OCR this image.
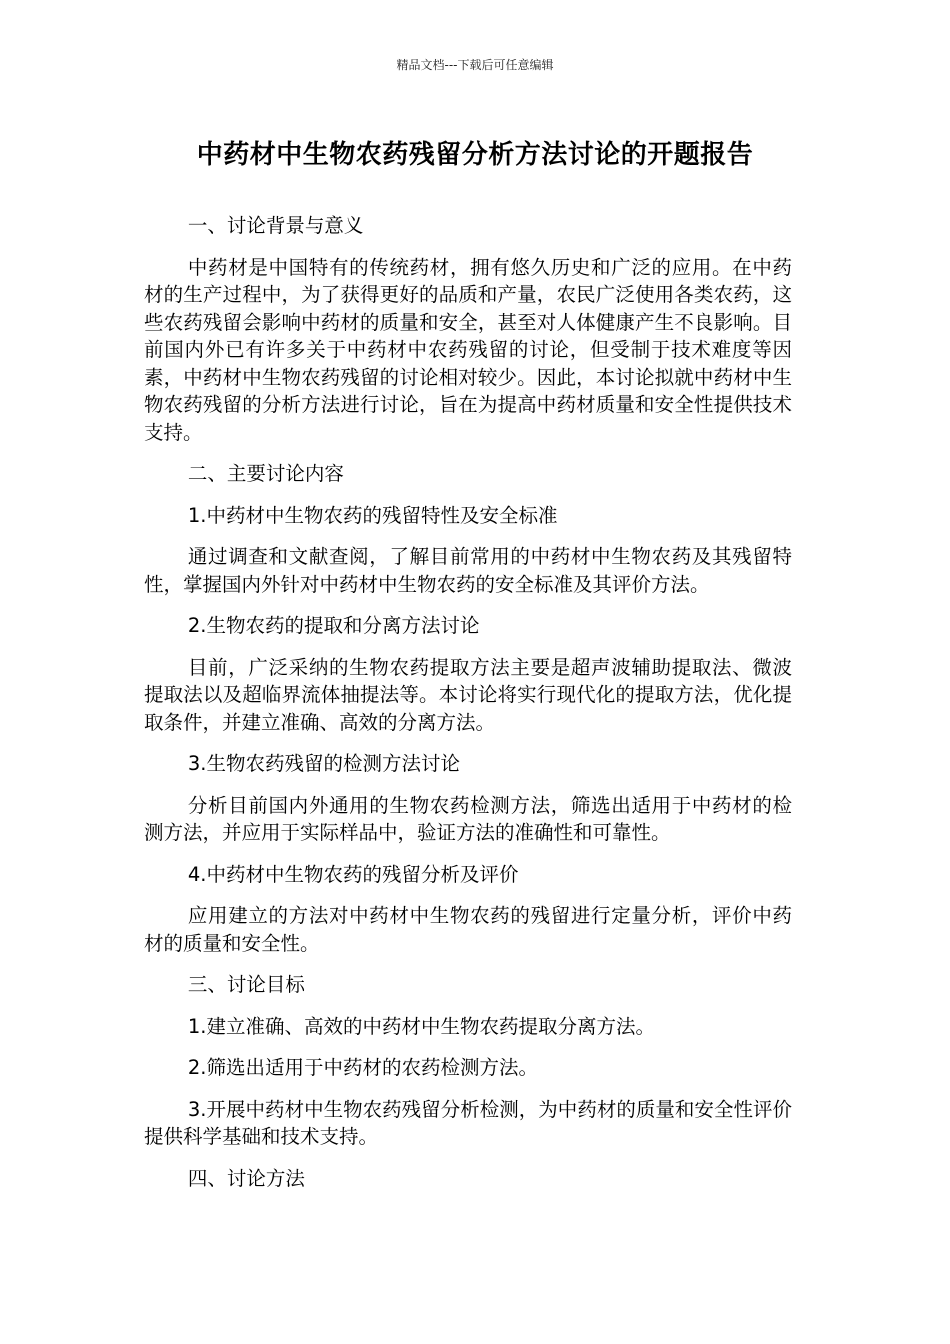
精品文档---下载后可任意编辑
中药材中生物农药残留分析方法讨论的开题报告

一、讨论背景与意义

中药材是中国特有的传统药材，拥有悠久历史和广泛的应用。在中药材的生产过程中，为了获得更好的品质和产量，农民广泛使用各类农药，这些农药残留会影响中药材的质量和安全，甚至对人体健康产生不良影响。目前国内外已有许多关于中药材中农药残留的讨论，但受制于技术难度等因素，中药材中生物农药残留的讨论相对较少。因此，本讨论拟就中药材中生物农药残留的分析方法进行讨论，旨在为提高中药材质量和安全性提供技术支持。

二、主要讨论内容

1.中药材中生物农药的残留特性及安全标准

通过调查和文献查阅，了解目前常用的中药材中生物农药及其残留特性，掌握国内外针对中药材中生物农药的安全标准及其评价方法。

2.生物农药的提取和分离方法讨论

目前，广泛采纳的生物农药提取方法主要是超声波辅助提取法、微波提取法以及超临界流体抽提法等。本讨论将实行现代化的提取方法，优化提取条件，并建立准确、高效的分离方法。

3.生物农药残留的检测方法讨论

分析目前国内外通用的生物农药检测方法，筛选出适用于中药材的检测方法，并应用于实际样品中，验证方法的准确性和可靠性。

4.中药材中生物农药的残留分析及评价

应用建立的方法对中药材中生物农药的残留进行定量分析，评价中药材的质量和安全性。

三、讨论目标

1.建立准确、高效的中药材中生物农药提取分离方法。

2.筛选出适用于中药材的农药检测方法。

3.开展中药材中生物农药残留分析检测，为中药材的质量和安全性评价提供科学基础和技术支持。

四、讨论方法
